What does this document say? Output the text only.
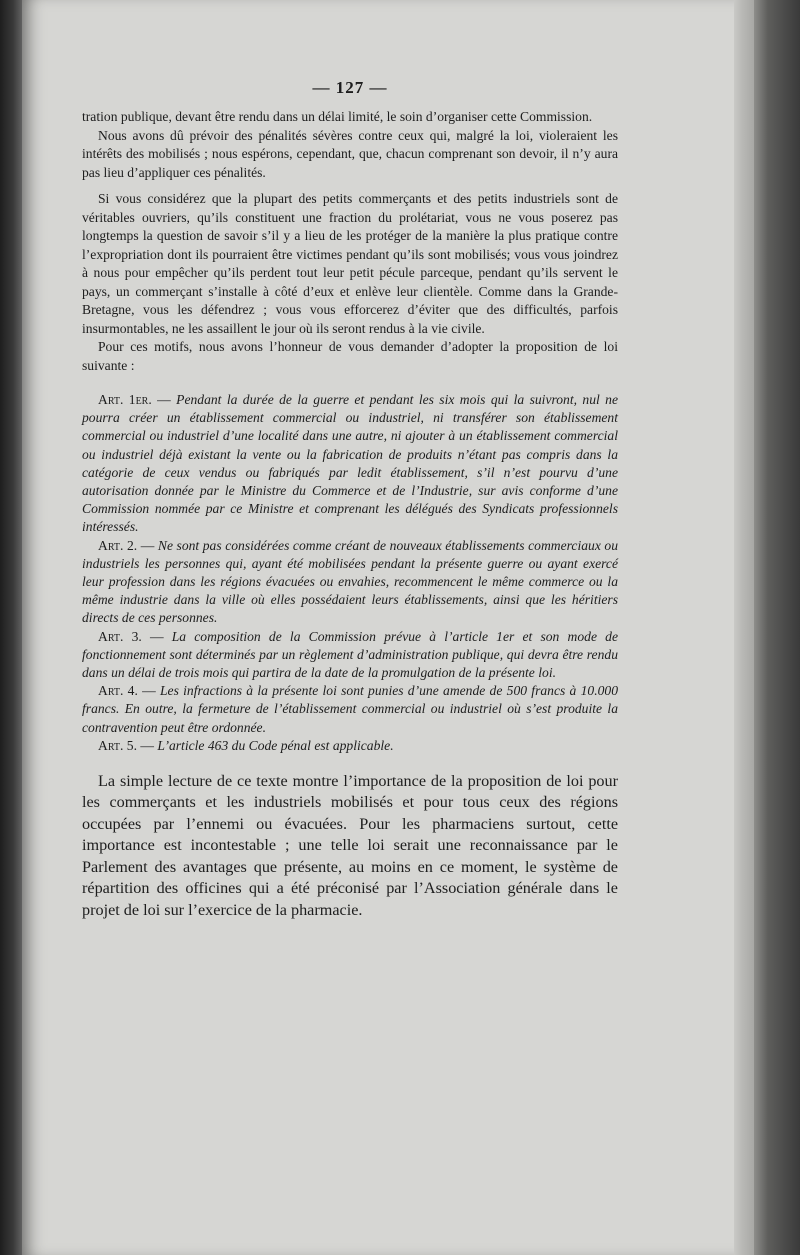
— 127 —

tration publique, devant être rendu dans un délai limité, le soin d’organiser cette Commission.

Nous avons dû prévoir des pénalités sévères contre ceux qui, malgré la loi, violeraient les intérêts des mobilisés ; nous espérons, cependant, que, chacun comprenant son devoir, il n’y aura pas lieu d’appliquer ces pénalités.

Si vous considérez que la plupart des petits commerçants et des petits industriels sont de véritables ouvriers, qu’ils constituent une fraction du prolétariat, vous ne vous poserez pas longtemps la question de savoir s’il y a lieu de les protéger de la manière la plus pratique contre l’expropriation dont ils pourraient être victimes pendant qu’ils sont mobilisés; vous vous joindrez à nous pour empêcher qu’ils perdent tout leur petit pécule parceque, pendant qu’ils servent le pays, un commerçant s’installe à côté d’eux et enlève leur clientèle. Comme dans la Grande-Bretagne, vous les défendrez ; vous vous efforcerez d’éviter que des difficultés, parfois insurmontables, ne les assaillent le jour où ils seront rendus à la vie civile.

Pour ces motifs, nous avons l’honneur de vous demander d’adopter la proposition de loi suivante :

Art. 1er. — Pendant la durée de la guerre et pendant les six mois qui la suivront, nul ne pourra créer un établissement commercial ou industriel, ni transférer son établissement commercial ou industriel d’une localité dans une autre, ni ajouter à un établissement commercial ou industriel déjà existant la vente ou la fabrication de produits n’étant pas compris dans la catégorie de ceux vendus ou fabriqués par ledit établissement, s’il n’est pourvu d’une autorisation donnée par le Ministre du Commerce et de l’Industrie, sur avis conforme d’une Commission nommée par ce Ministre et comprenant les délégués des Syndicats professionnels intéressés.

Art. 2. — Ne sont pas considérées comme créant de nouveaux établissements commerciaux ou industriels les personnes qui, ayant été mobilisées pendant la présente guerre ou ayant exercé leur profession dans les régions évacuées ou envahies, recommencent le même commerce ou la même industrie dans la ville où elles possédaient leurs établissements, ainsi que les héritiers directs de ces personnes.

Art. 3. — La composition de la Commission prévue à l’article 1er et son mode de fonctionnement sont déterminés par un règlement d’administration publique, qui devra être rendu dans un délai de trois mois qui partira de la date de la promulgation de la présente loi.

Art. 4. — Les infractions à la présente loi sont punies d’une amende de 500 francs à 10.000 francs. En outre, la fermeture de l’établissement commercial ou industriel où s’est produite la contravention peut être ordonnée.

Art. 5. — L’article 463 du Code pénal est applicable.

La simple lecture de ce texte montre l’importance de la proposition de loi pour les commerçants et les industriels mobilisés et pour tous ceux des régions occupées par l’ennemi ou évacuées. Pour les pharmaciens surtout, cette importance est incontestable ; une telle loi serait une reconnaissance par le Parlement des avantages que présente, au moins en ce moment, le système de répartition des officines qui a été préconisé par l’Association générale dans le projet de loi sur l’exercice de la pharmacie.
